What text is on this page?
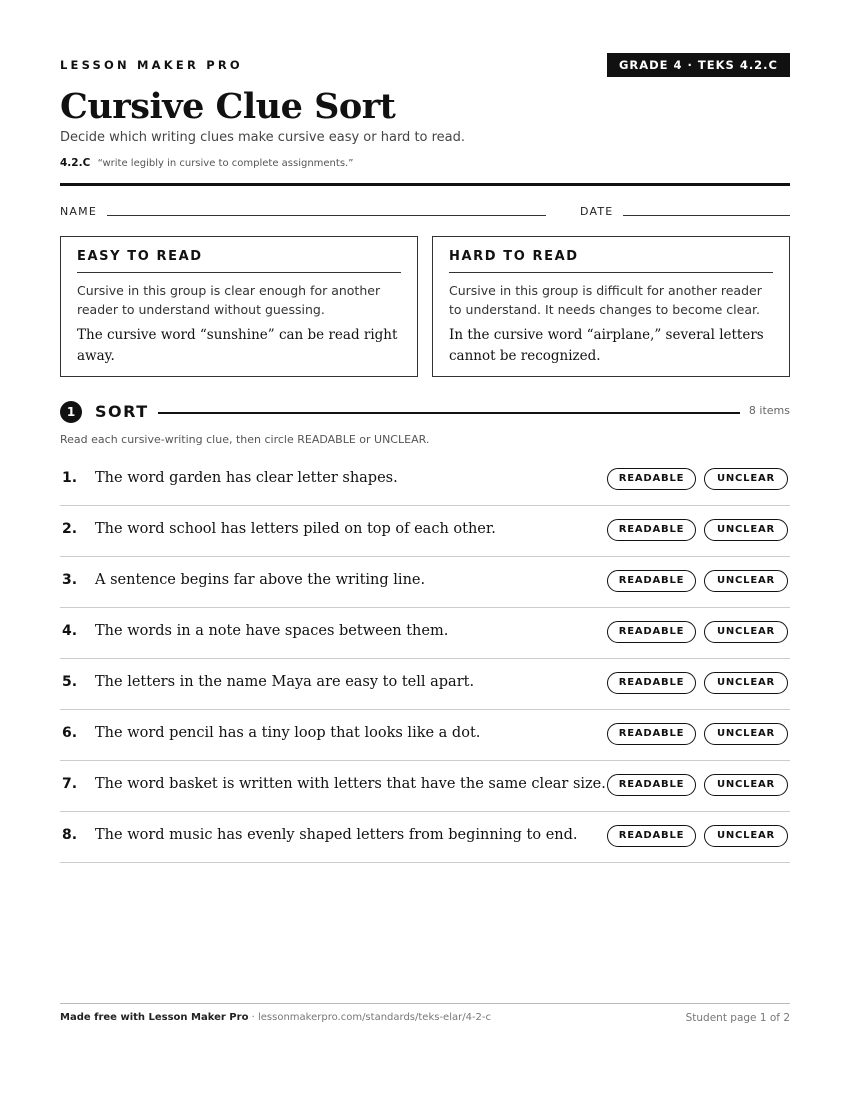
LESSON MAKER PRO	GRADE 4 · TEKS 4.2.C
Cursive Clue Sort
Decide which writing clues make cursive easy or hard to read.
4.2.C “write legibly in cursive to complete assignments.”
NAME	DATE
EASY TO READ
Cursive in this group is clear enough for another reader to understand without guessing.
The cursive word “sunshine” can be read right away.
HARD TO READ
Cursive in this group is difficult for another reader to understand. It needs changes to become clear.
In the cursive word “airplane,” several letters cannot be recognized.
1	SORT	8 items
Read each cursive-writing clue, then circle READABLE or UNCLEAR.
1. The word garden has clear letter shapes.	READABLE	UNCLEAR
2. The word school has letters piled on top of each other.	READABLE	UNCLEAR
3. A sentence begins far above the writing line.	READABLE	UNCLEAR
4. The words in a note have spaces between them.	READABLE	UNCLEAR
5. The letters in the name Maya are easy to tell apart.	READABLE	UNCLEAR
6. The word pencil has a tiny loop that looks like a dot.	READABLE	UNCLEAR
7. The word basket is written with letters that have the same clear size.	READABLE	UNCLEAR
8. The word music has evenly shaped letters from beginning to end.	READABLE	UNCLEAR
Made free with Lesson Maker Pro · lessonmakerpro.com/standards/teks-elar/4-2-c	Student page 1 of 2
